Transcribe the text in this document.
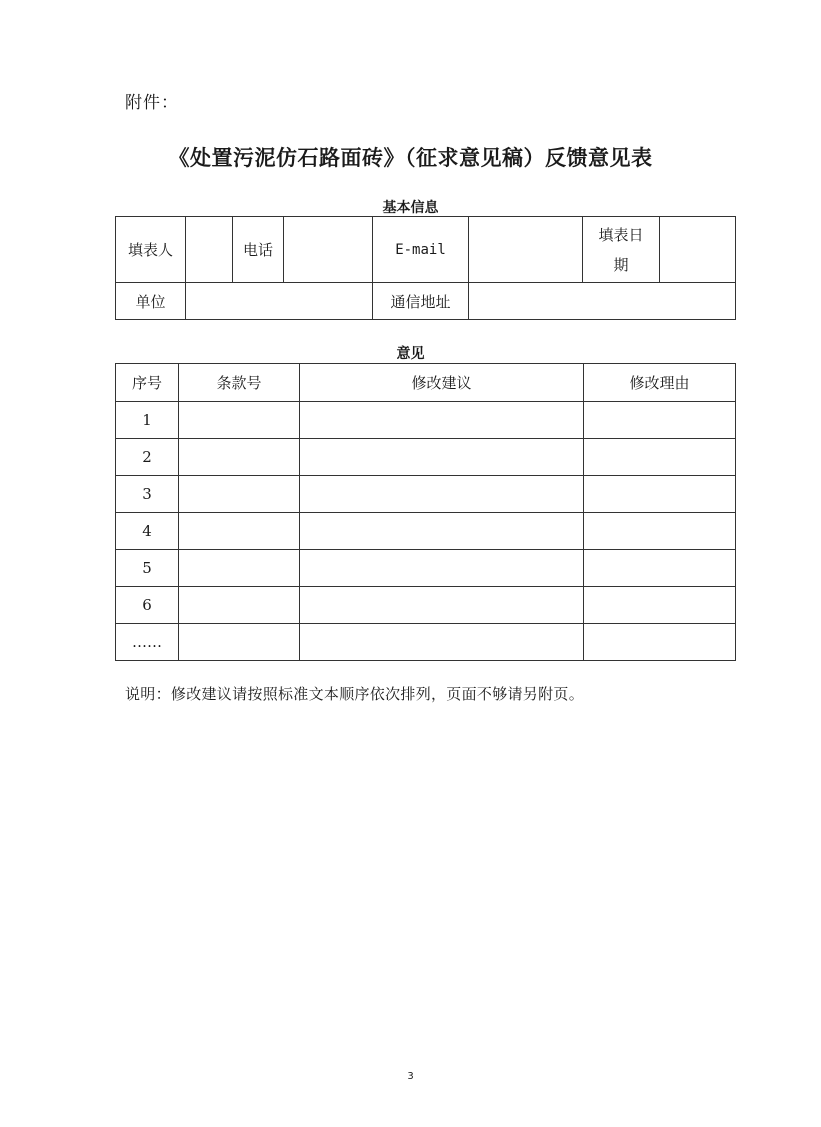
附件：
《处置污泥仿石路面砖》（征求意见稿）反馈意见表
基本信息
填表人		电话		E-mail		填表日
期	
单位				通信地址			
意见
序号	条款号	修改建议	修改理由
1			
2			
3			
4			
5			
6			
……			
说明：修改建议请按照标准文本顺序依次排列，页面不够请另附页。
3
